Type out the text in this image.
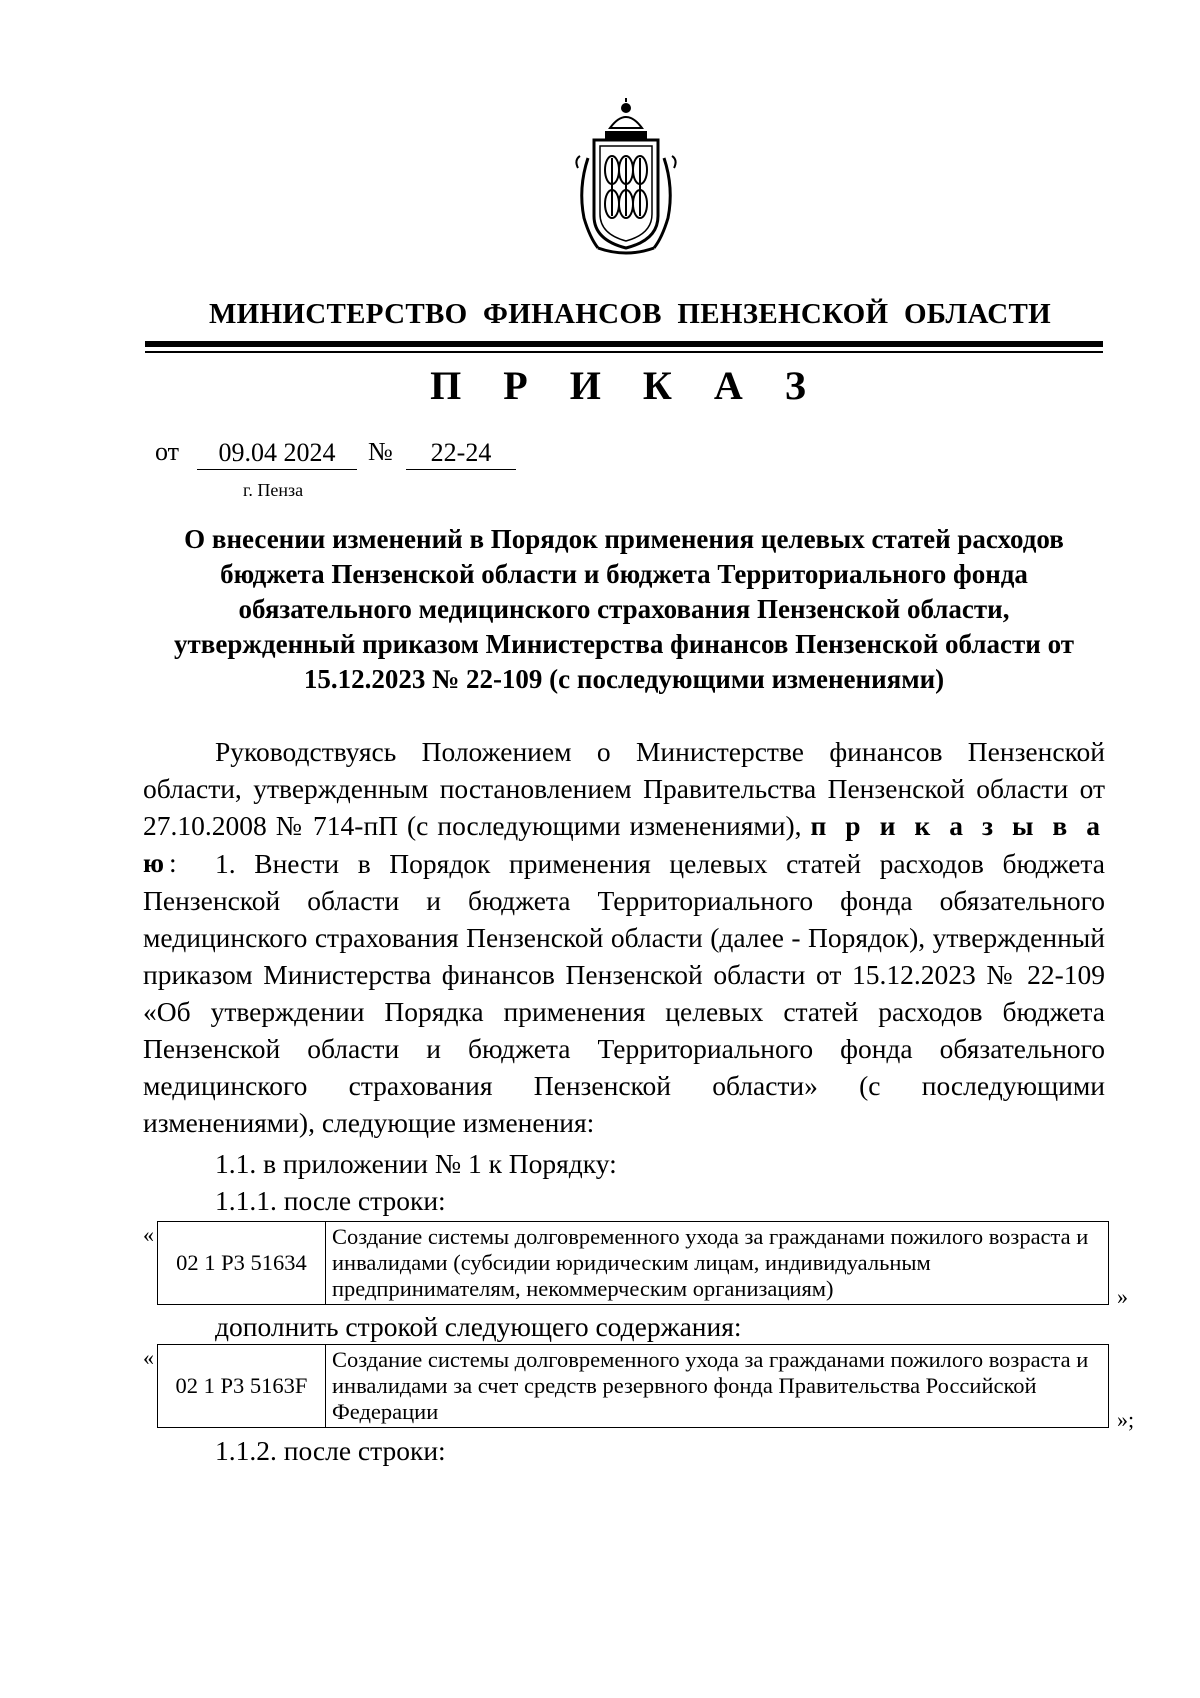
МИНИСТЕРСТВО ФИНАНСОВ ПЕНЗЕНСКОЙ ОБЛАСТИ
П Р И К А З
от	09.04 2024	№	22-24
г. Пенза
О внесении изменений в Порядок применения целевых статей расходов бюджета Пензенской области и бюджета Территориального фонда обязательного медицинского страхования Пензенской области, утвержденный приказом Министерства финансов Пензенской области от 15.12.2023 № 22-109 (с последующими изменениями)
Руководствуясь Положением о Министерстве финансов Пензенской области, утвержденным постановлением Правительства Пензенской области от 27.10.2008 № 714-пП (с последующими изменениями), п р и к а з ы в а ю:	1. Внести в Порядок применения целевых статей расходов бюджета Пензенской области и бюджета Территориального фонда обязательного медицинского страхования Пензенской области (далее - Порядок), утвержденный приказом Министерства финансов Пензенской области от 15.12.2023 № 22-109 «Об утверждении Порядка применения целевых статей расходов бюджета Пензенской области и бюджета Территориального фонда обязательного медицинского страхования Пензенской области» (с последующими изменениями), следующие изменения:
1.1. в приложении № 1 к Порядку:
1.1.1. после строки:
«
02 1 P3 51634	Создание системы долговременного ухода за гражданами пожилого возраста и инвалидами (субсидии юридическим лицам, индивидуальным предпринимателям, некоммерческим организациям)	»
дополнить строкой следующего содержания:
«
02 1 P3 5163F	Создание системы долговременного ухода за гражданами пожилого возраста и инвалидами за счет средств резервного фонда Правительства Российской Федерации	»;
1.1.2. после строки:
